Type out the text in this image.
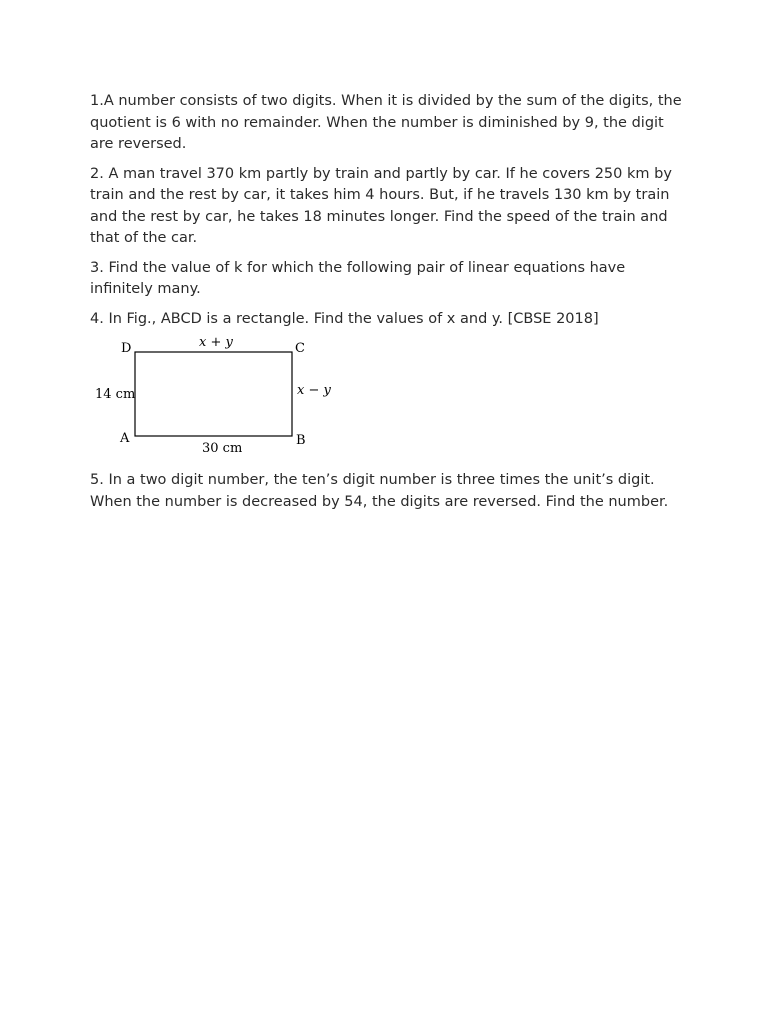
1.A number consists of two digits. When it is divided by the sum of the digits, the quotient is 6 with no remainder. When the number is diminished by 9, the digit are reversed.

2. A man travel 370 km partly by train and partly by car. If he covers 250 km by train and the rest by car, it takes him 4 hours. But, if he travels 130 km by train and the rest by car, he takes 18 minutes longer. Find the speed of the train and that of the car.

3. Find the value of k for which the following pair of linear equations have infinitely many.

4. In Fig., ABCD is a rectangle. Find the values of x and y. [CBSE 2018]

D	C
A	B
x + y
x − y
14 cm
30 cm

5. In a two digit number, the ten’s digit number is three times the unit’s digit. When the number is decreased by 54, the digits are reversed. Find the number.
